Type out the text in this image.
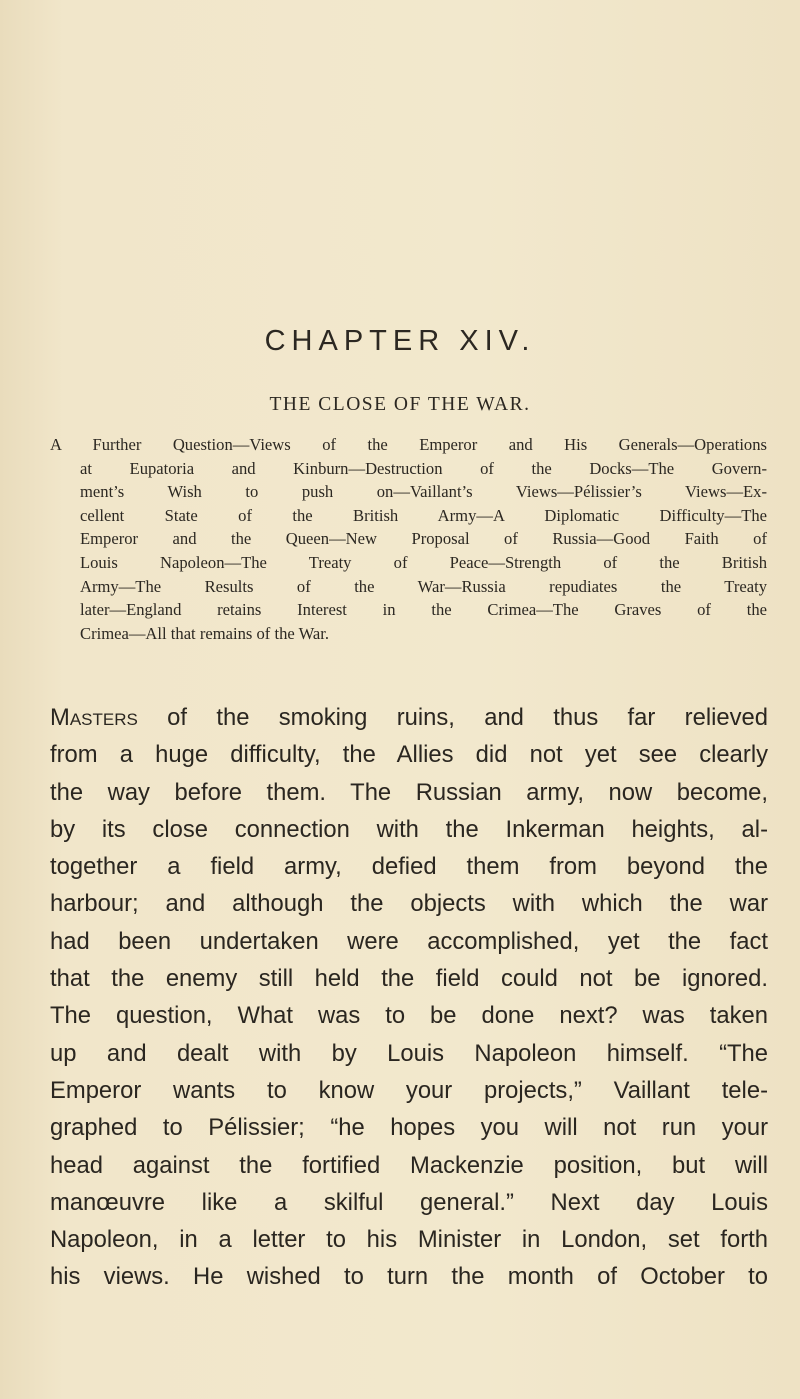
CHAPTER XIV.
THE CLOSE OF THE WAR.
A Further Question—Views of the Emperor and His Generals—Operations
at Eupatoria and Kinburn—Destruction of the Docks—The Govern-
ment’s Wish to push on—Vaillant’s Views—Pélissier’s Views—Ex-
cellent State of the British Army—A Diplomatic Difficulty—The
Emperor and the Queen—New Proposal of Russia—Good Faith of
Louis Napoleon—The Treaty of Peace—Strength of the British
Army—The Results of the War—Russia repudiates the Treaty
later—England retains Interest in the Crimea—The Graves of the
Crimea—All that remains of the War.
Masters of the smoking ruins, and thus far relieved
from a huge difficulty, the Allies did not yet see clearly
the way before them. The Russian army, now become,
by its close connection with the Inkerman heights, al-
together a field army, defied them from beyond the
harbour; and although the objects with which the war
had been undertaken were accomplished, yet the fact
that the enemy still held the field could not be ignored.
The question, What was to be done next? was taken
up and dealt with by Louis Napoleon himself. “The
Emperor wants to know your projects,” Vaillant tele-
graphed to Pélissier; “he hopes you will not run your
head against the fortified Mackenzie position, but will
manœuvre like a skilful general.” Next day Louis
Napoleon, in a letter to his Minister in London, set forth
his views. He wished to turn the month of October to
